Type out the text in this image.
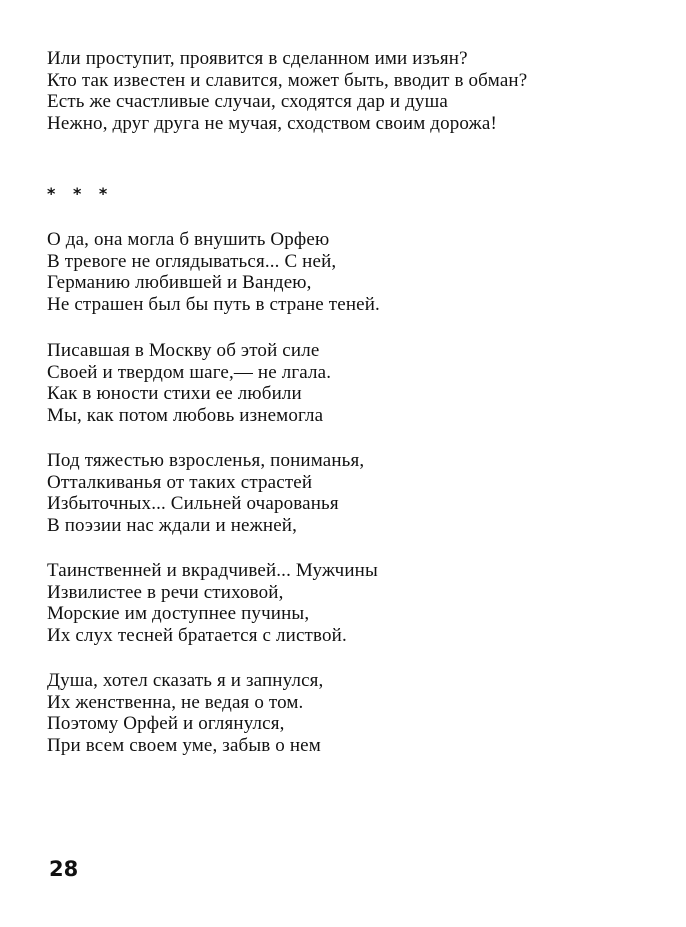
Или проступит, проявится в сделанном ими изъян?
Кто так известен и славится, может быть, вводит в обман?
Есть же счастливые случаи, сходятся дар и душа
Нежно, друг друга не мучая, сходством своим дорожа!
* * *
О да, она могла б внушить Орфею
В тревоге не оглядываться... С ней,
Германию любившей и Вандею,
Не страшен был бы путь в стране теней.
Писавшая в Москву об этой силе
Своей и твердом шаге,— не лгала.
Как в юности стихи ее любили
Мы, как потом любовь изнемогла
Под тяжестью взросленья, пониманья,
Отталкиванья от таких страстей
Избыточных... Сильней очарованья
В поэзии нас ждали и нежней,
Таинственней и вкрадчивей... Мужчины
Извилистее в речи стиховой,
Морские им доступнее пучины,
Их слух тесней братается с листвой.
Душа, хотел сказать я и запнулся,
Их женственна, не ведая о том.
Поэтому Орфей и оглянулся,
При всем своем уме, забыв о нем
28
